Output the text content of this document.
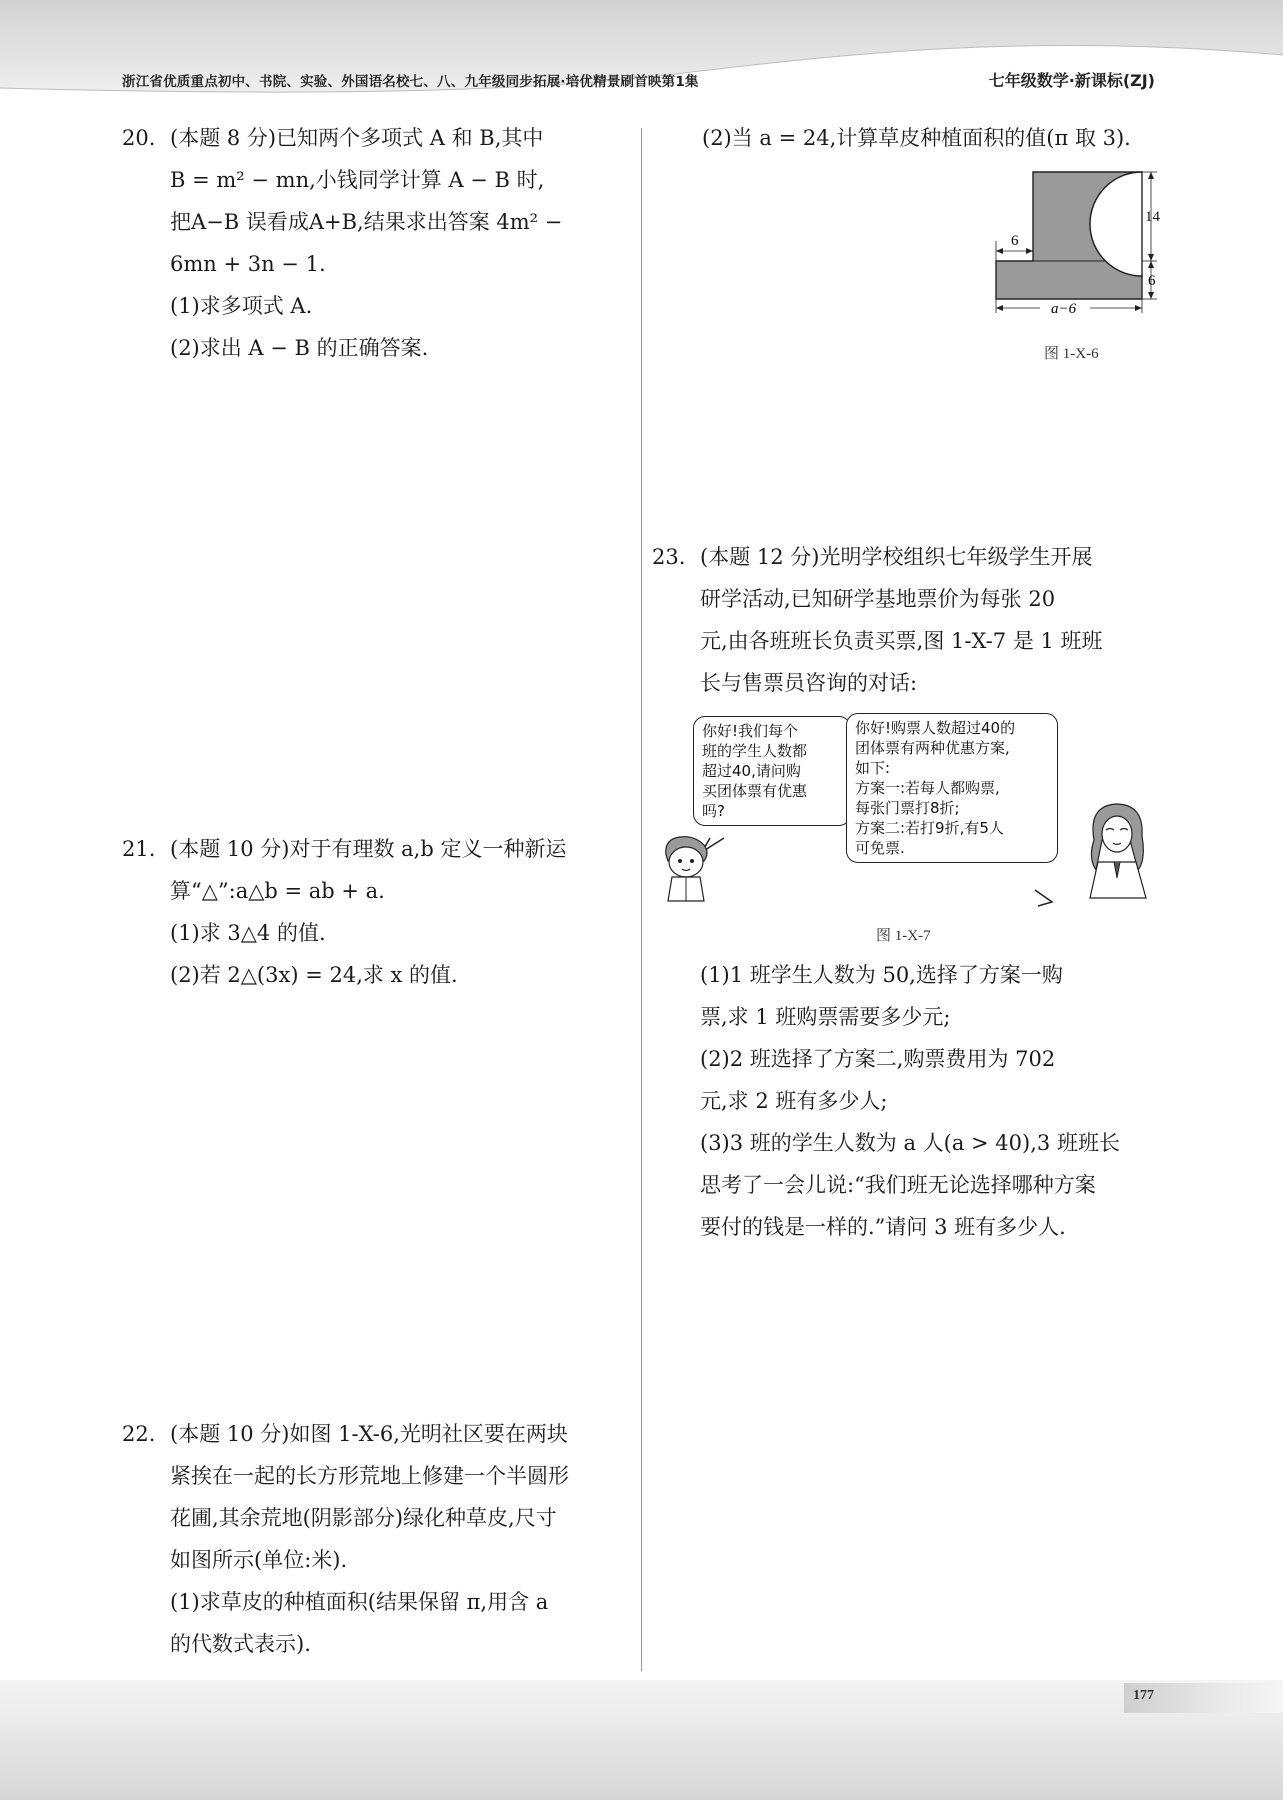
浙江省优质重点初中、书院、实验、外国语名校七、八、九年级同步拓展·培优精景刷首映第1集	七年级数学·新课标(ZJ)
20. (本题 8 分)已知两个多项式 A 和 B,其中
B = m² − mn,小钱同学计算 A − B 时,
把A−B 误看成A+B,结果求出答案 4m² −
6mn + 3n − 1.
(1)求多项式 A.
(2)求出 A − B 的正确答案.
21. (本题 10 分)对于有理数 a,b 定义一种新运
算“△”:a△b = ab + a.
(1)求 3△4 的值.
(2)若 2△(3x) = 24,求 x 的值.
22. (本题 10 分)如图 1-X-6,光明社区要在两块
紧挨在一起的长方形荒地上修建一个半圆形
花圃,其余荒地(阴影部分)绿化种草皮,尺寸
如图所示(单位:米).
(1)求草皮的种植面积(结果保留 π,用含 a
的代数式表示).
(2)当 a = 24,计算草皮种植面积的值(π 取 3).
6
14
6
a−6
图 1-X-6
23. (本题 12 分)光明学校组织七年级学生开展
研学活动,已知研学基地票价为每张 20
元,由各班班长负责买票,图 1-X-7 是 1 班班
长与售票员咨询的对话:
你好!我们每个
班的学生人数都
超过40,请问购
买团体票有优惠
吗?
你好!购票人数超过40的
团体票有两种优惠方案,
如下:
方案一:若每人都购票,
每张门票打8折;
方案二:若打9折,有5人
可免票.
图 1-X-7
(1)1 班学生人数为 50,选择了方案一购
票,求 1 班购票需要多少元;
(2)2 班选择了方案二,购票费用为 702
元,求 2 班有多少人;
(3)3 班的学生人数为 a 人(a > 40),3 班班长
思考了一会儿说:“我们班无论选择哪种方案
要付的钱是一样的.”请问 3 班有多少人.
177
